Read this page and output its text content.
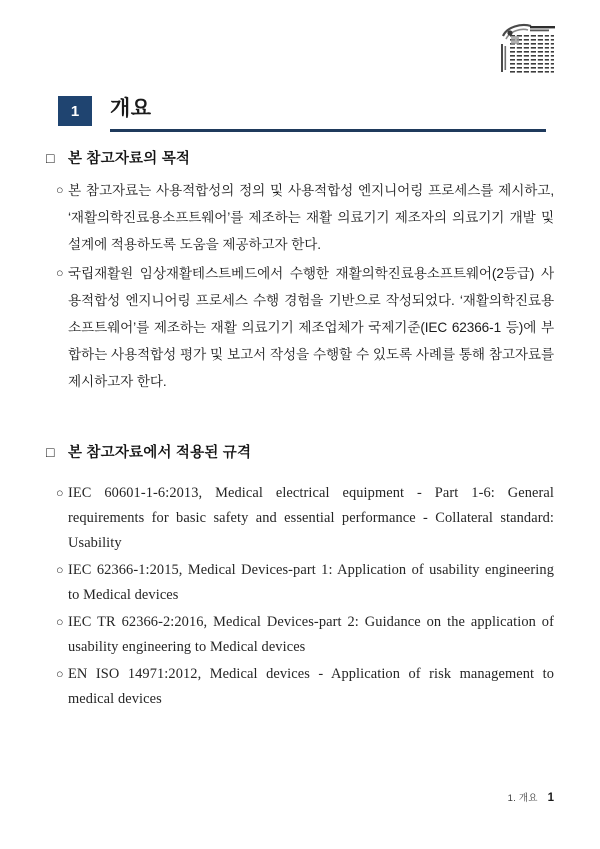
1	개요
□ 본 참고자료의 목적
○ 본 참고자료는 사용적합성의 정의 및 사용적합성 엔지니어링 프로세스를 제시하고, ‘재활의학진료용소프트웨어’를 제조하는 재활 의료기기 제조자의 의료기기 개발 및 설계에 적용하도록 도움을 제공하고자 한다.
○ 국립재활원 임상재활테스트베드에서 수행한 재활의학진료용소프트웨어(2등급) 사용적합성 엔지니어링 프로세스 수행 경험을 기반으로 작성되었다. ‘재활의학진료용소프트웨어’를 제조하는 재활 의료기기 제조업체가 국제기준(IEC 62366-1 등)에 부합하는 사용적합성 평가 및 보고서 작성을 수행할 수 있도록 사례를 통해 참고자료를 제시하고자 한다.
□ 본 참고자료에서 적용된 규격
○ IEC 60601-1-6:2013, Medical electrical equipment - Part 1-6: General requirements for basic safety and essential performance - Collateral standard: Usability
○ IEC 62366-1:2015, Medical Devices-part 1: Application of usability engineering to Medical devices
○ IEC TR 62366-2:2016, Medical Devices-part 2: Guidance on the application of usability engineering to Medical devices
○ EN ISO 14971:2012, Medical devices - Application of risk management to medical devices
1. 개요 1
